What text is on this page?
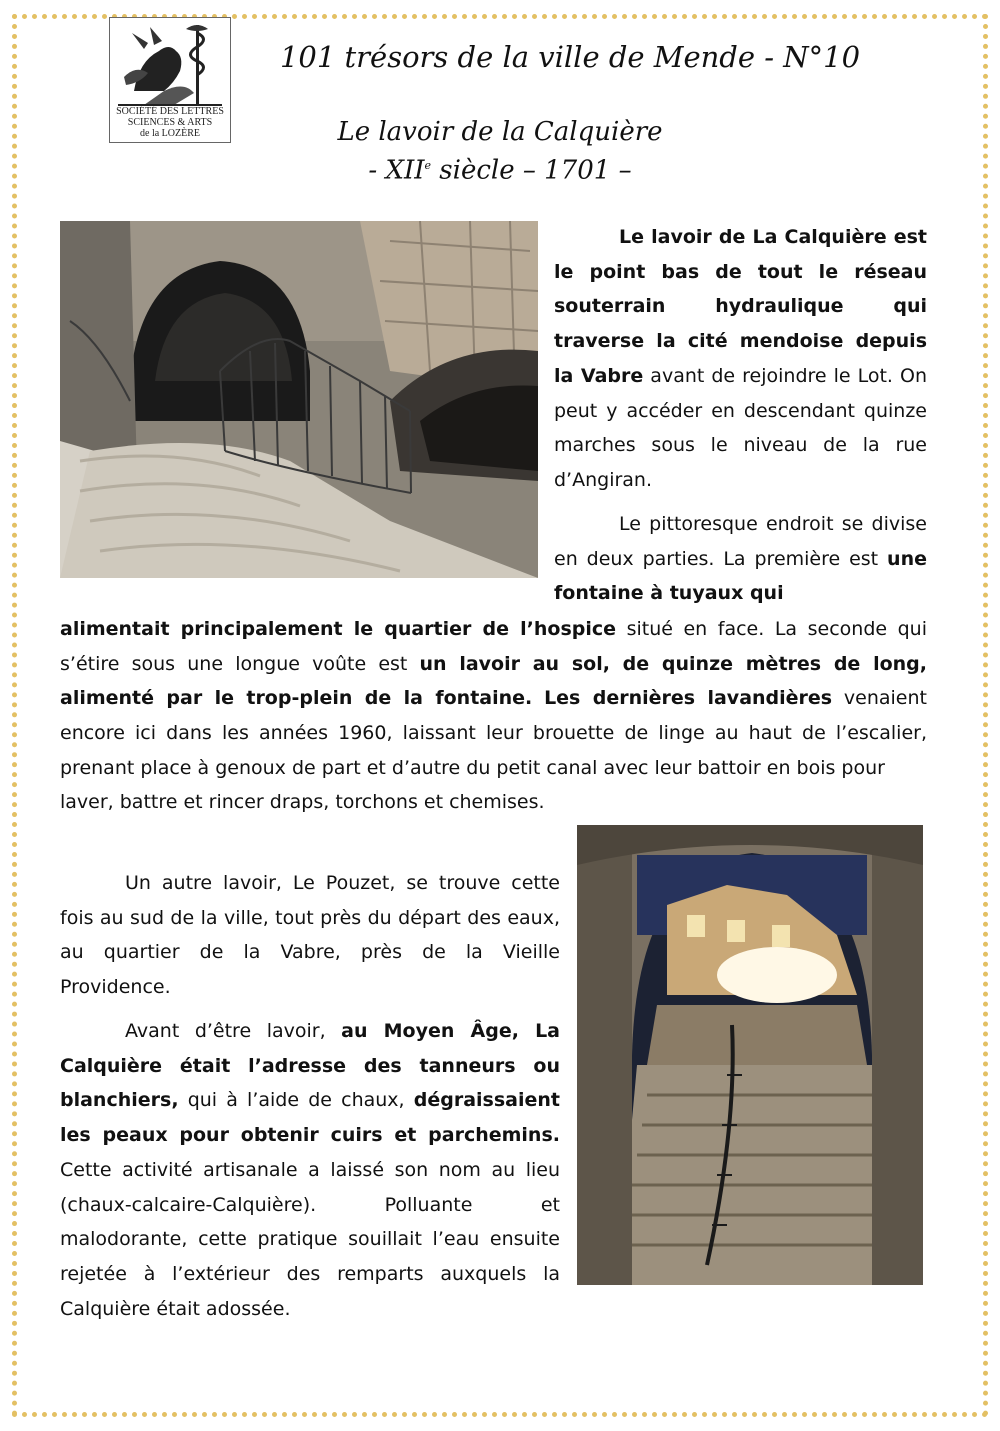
SOCIÉTÉ DES LETTRES
SCIENCES & ARTS
de la LOZÈRE
101 trésors de la ville de Mende - N°10
Le lavoir de la Calquière
- XIIe siècle – 1701 –

Le lavoir de La Calquière est le point bas de tout le réseau souterrain hydraulique qui traverse la cité mendoise depuis la Vabre avant de rejoindre le Lot. On peut y accéder en descendant quinze marches sous le niveau de la rue d’Angiran.

Le pittoresque endroit se divise en deux parties. La première est une fontaine à tuyaux qui

alimentait principalement le quartier de l’hospice situé en face. La seconde qui s’étire sous une longue voûte est un lavoir au sol, de quinze mètres de long, alimenté par le trop-plein de la fontaine. Les dernières lavandières venaient encore ici dans les années 1960, laissant leur brouette de linge au haut de l’escalier, prenant place à genoux de part et d’autre du petit canal avec leur battoir en bois pour

laver, battre et rincer draps, torchons et chemises.

Un autre lavoir, Le Pouzet, se trouve cette fois au sud de la ville, tout près du départ des eaux, au quartier de la Vabre, près de la Vieille Providence.

Avant d’être lavoir, au Moyen Âge, La Calquière était l’adresse des tanneurs ou blanchiers, qui à l’aide de chaux, dégraissaient les peaux pour obtenir cuirs et parchemins. Cette activité artisanale a laissé son nom au lieu (chaux-calcaire-Calquière). Polluante et malodorante, cette pratique souillait l’eau ensuite rejetée à l’extérieur des remparts auxquels la Calquière était adossée.
